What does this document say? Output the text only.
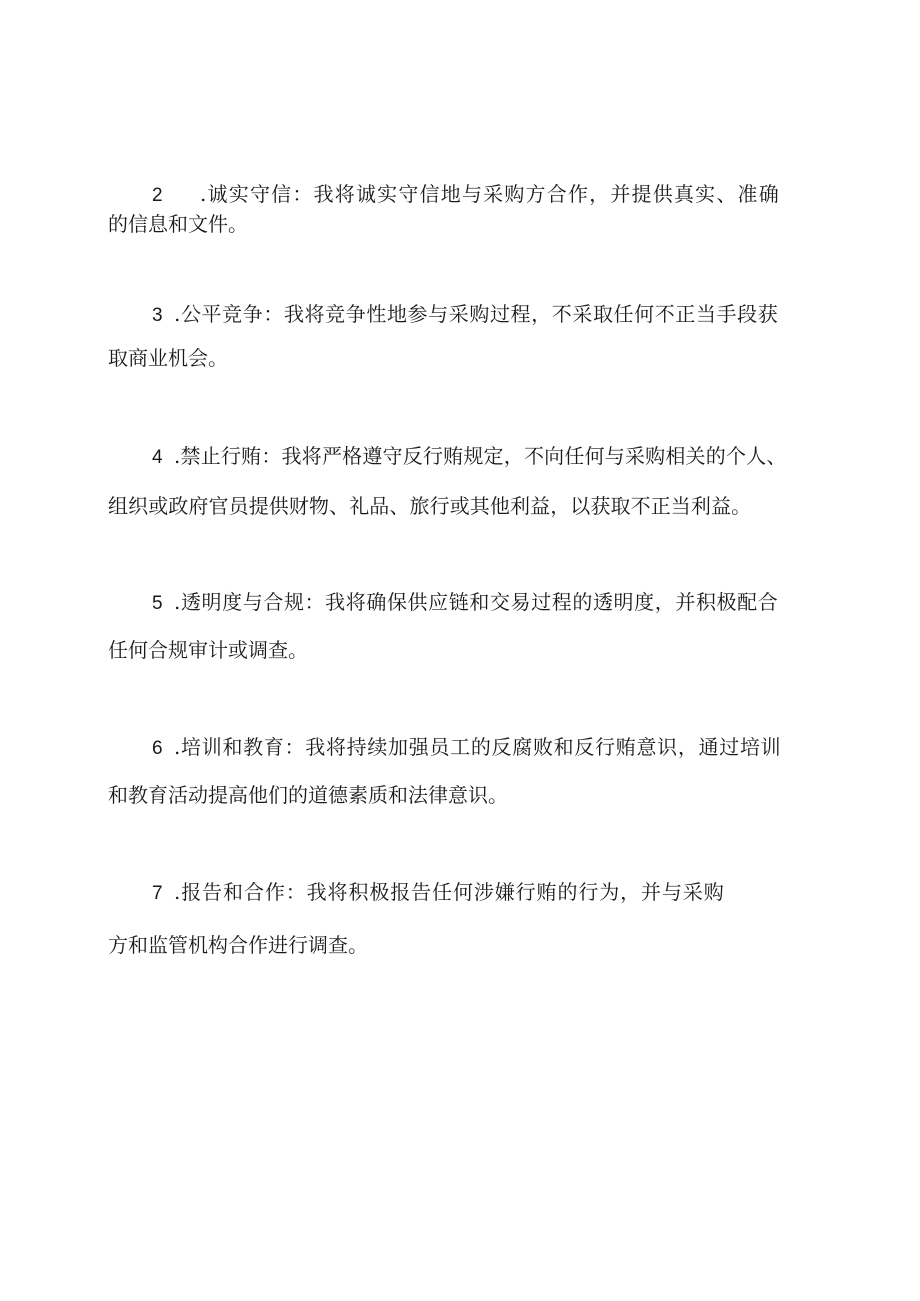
2 .诚实守信：我将诚实守信地与采购方合作，并提供真实、准确
的信息和文件。
3 .公平竞争：我将竞争性地参与采购过程，不采取任何不正当手段获
取商业机会。
4 .禁止行贿：我将严格遵守反行贿规定，不向任何与采购相关的个人、
组织或政府官员提供财物、礼品、旅行或其他利益，以获取不正当利益。
5 .透明度与合规：我将确保供应链和交易过程的透明度，并积极配合
任何合规审计或调查。
6 .培训和教育：我将持续加强员工的反腐败和反行贿意识，通过培训
和教育活动提高他们的道德素质和法律意识。
7 .报告和合作：我将积极报告任何涉嫌行贿的行为，并与采购
方和监管机构合作进行调查。
